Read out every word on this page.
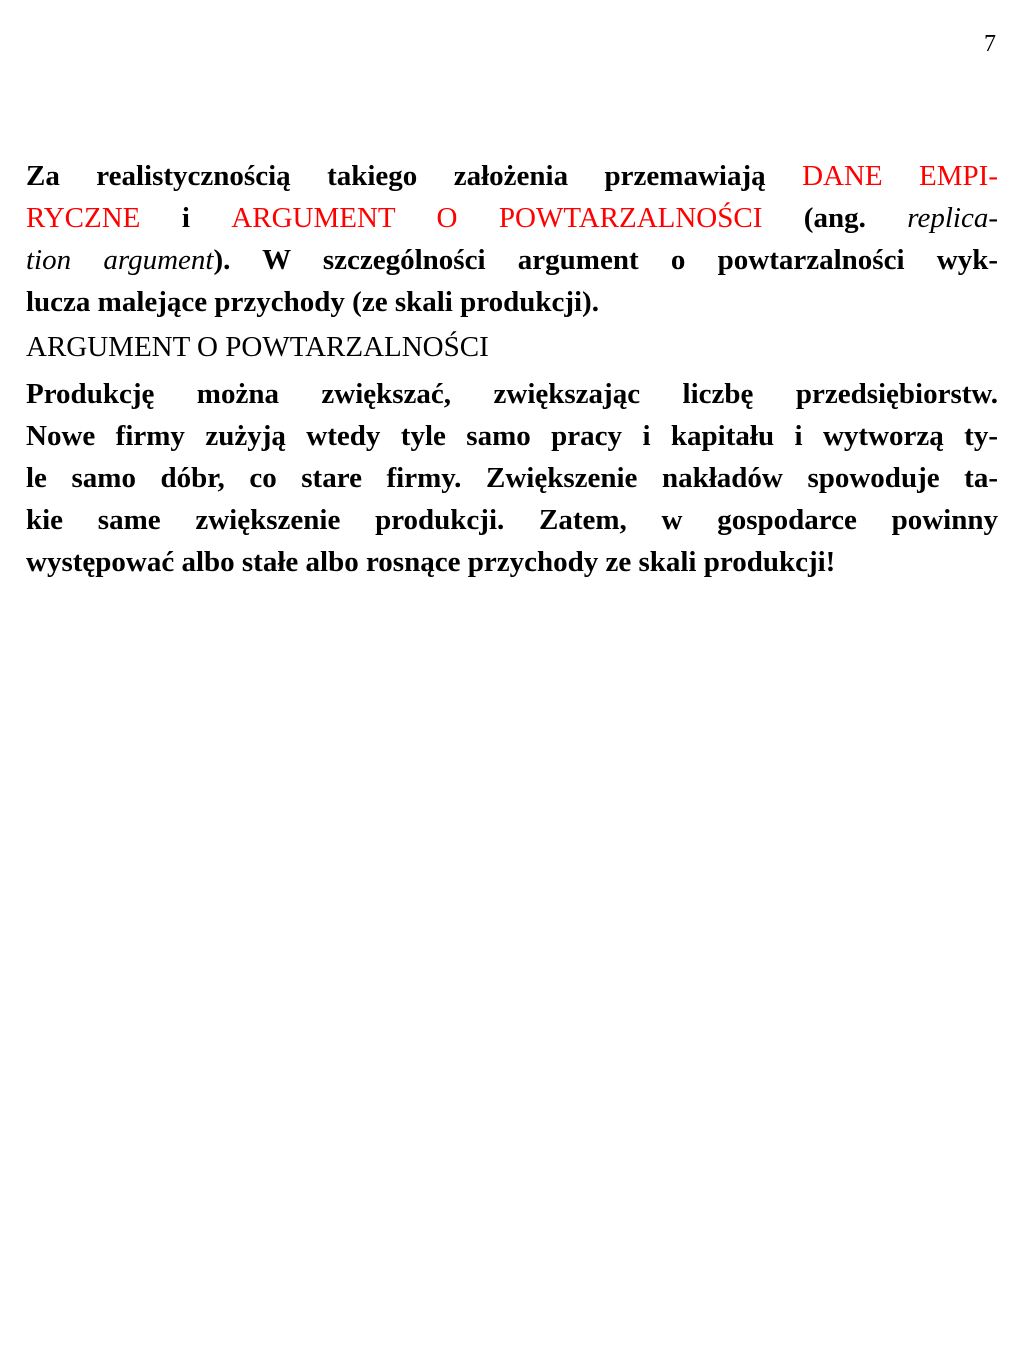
7
Za realistycznością takiego założenia przemawiają DANE EMPI-
RYCZNE i ARGUMENT O POWTARZALNOŚCI (ang. replica-
tion argument). W szczególności argument o powtarzalności wyk-
lucza malejące przychody (ze skali produkcji).
ARGUMENT O POWTARZALNOŚCI
Produkcję można zwiększać, zwiększając liczbę przedsiębiorstw.
Nowe firmy zużyją wtedy tyle samo pracy i kapitału i wytworzą ty-
le samo dóbr, co stare firmy. Zwiększenie nakładów spowoduje ta-
kie same zwiększenie produkcji. Zatem, w gospodarce powinny
występować albo stałe albo rosnące przychody ze skali produkcji!
